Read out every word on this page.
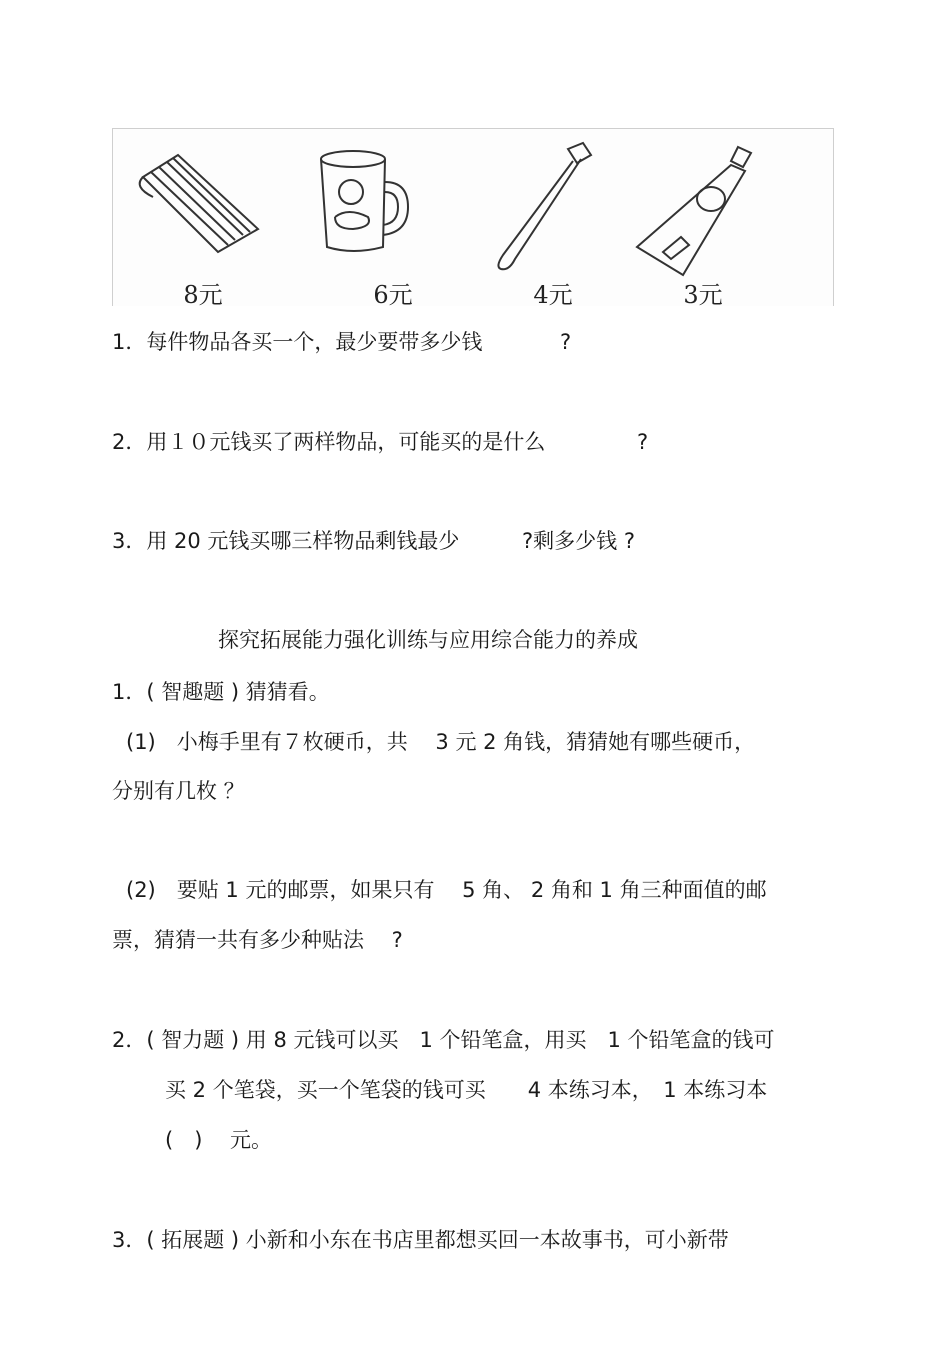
8元	6元	4元	3元
1．每件物品各买一个，最少要带多少钱	?
2．用１０元钱买了两样物品，可能买的是什么	?
3．用 20 元钱买哪三样物品剩钱最少	?剩多少钱 ?
探究拓展能力强化训练与应用综合能力的养成
1．( 智趣题 ) 猜猜看。
(1)　小梅手里有７枚硬币，共　 3 元 2 角钱，猜猜她有哪些硬币，
分别有几枚 ？
(2)　要贴 1 元的邮票，如果只有　 5 角、 2 角和 1 角三种面值的邮
票，猜猜一共有多少种贴法　 ?
2．( 智力题 ) 用 8 元钱可以买　1 个铅笔盒，用买　1 个铅笔盒的钱可
买 2 个笔袋，买一个笔袋的钱可买　　4 本练习本，　1 本练习本
(　)　 元。
3．( 拓展题 ) 小新和小东在书店里都想买回一本故事书，可小新带
